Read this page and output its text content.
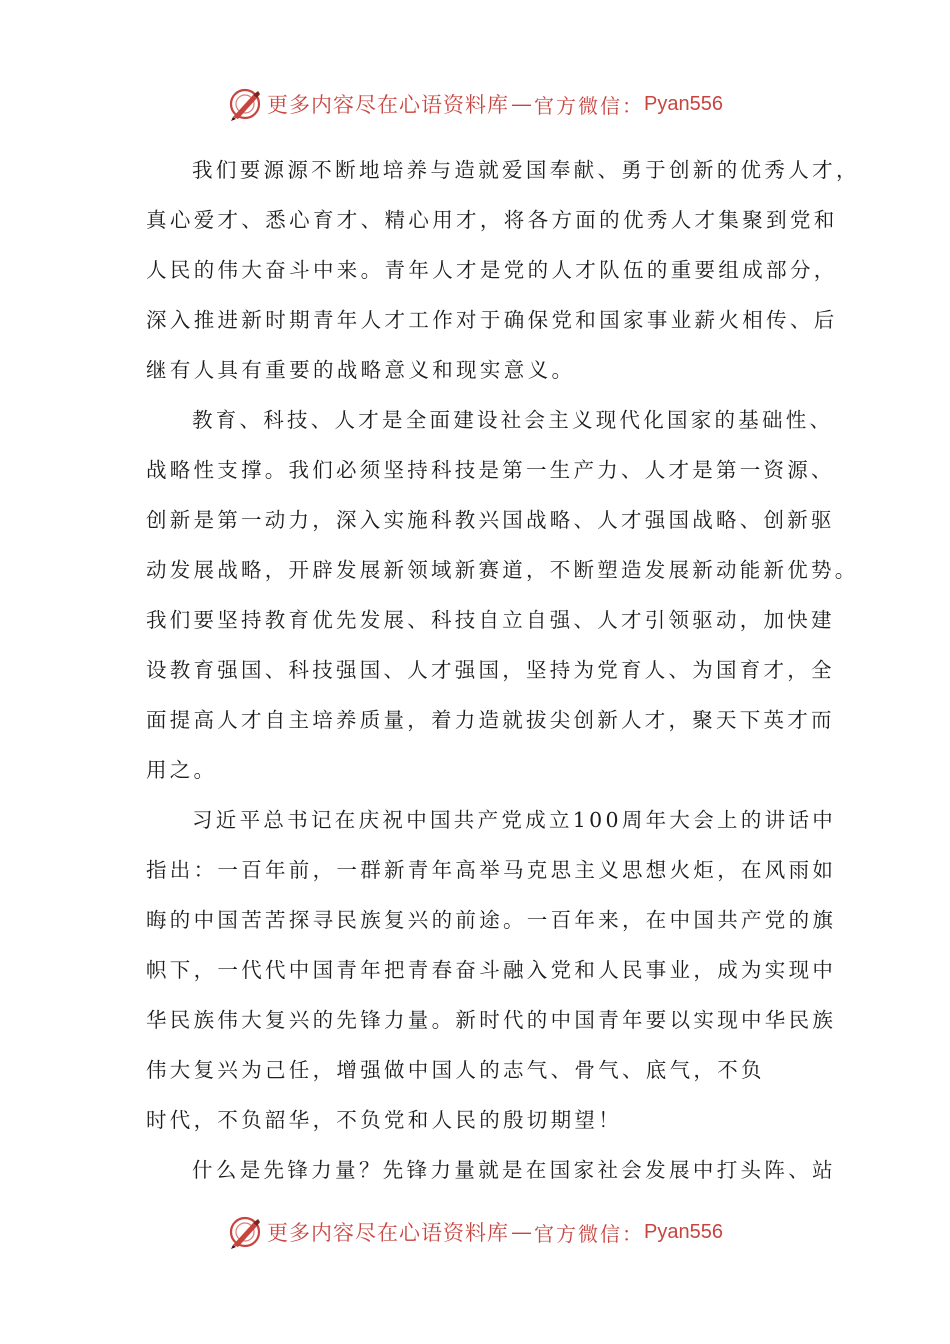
更多内容尽在心语资料库 — 官方微信： Pyan556
我们要源源不断地培养与造就爱国奉献、勇于创新的优秀人才，
真心爱才、悉心育才、精心用才，将各方面的优秀人才集聚到党和
人民的伟大奋斗中来。青年人才是党的人才队伍的重要组成部分，
深入推进新时期青年人才工作对于确保党和国家事业薪火相传、后
继有人具有重要的战略意义和现实意义。
教育、科技、人才是全面建设社会主义现代化国家的基础性、
战略性支撑。我们必须坚持科技是第一生产力、人才是第一资源、
创新是第一动力，深入实施科教兴国战略、人才强国战略、创新驱
动发展战略，开辟发展新领域新赛道，不断塑造发展新动能新优势。
我们要坚持教育优先发展、科技自立自强、人才引领驱动，加快建
设教育强国、科技强国、人才强国，坚持为党育人、为国育才，全
面提高人才自主培养质量，着力造就拔尖创新人才，聚天下英才而
用之。
习近平总书记在庆祝中国共产党成立100周年大会上的讲话中
指出：一百年前，一群新青年高举马克思主义思想火炬，在风雨如
晦的中国苦苦探寻民族复兴的前途。一百年来，在中国共产党的旗
帜下，一代代中国青年把青春奋斗融入党和人民事业，成为实现中
华民族伟大复兴的先锋力量。新时代的中国青年要以实现中华民族
伟大复兴为己任，增强做中国人的志气、骨气、底气，不负
时代，不负韶华，不负党和人民的殷切期望！
什么是先锋力量？先锋力量就是在国家社会发展中打头阵、站
更多内容尽在心语资料库 — 官方微信： Pyan556
